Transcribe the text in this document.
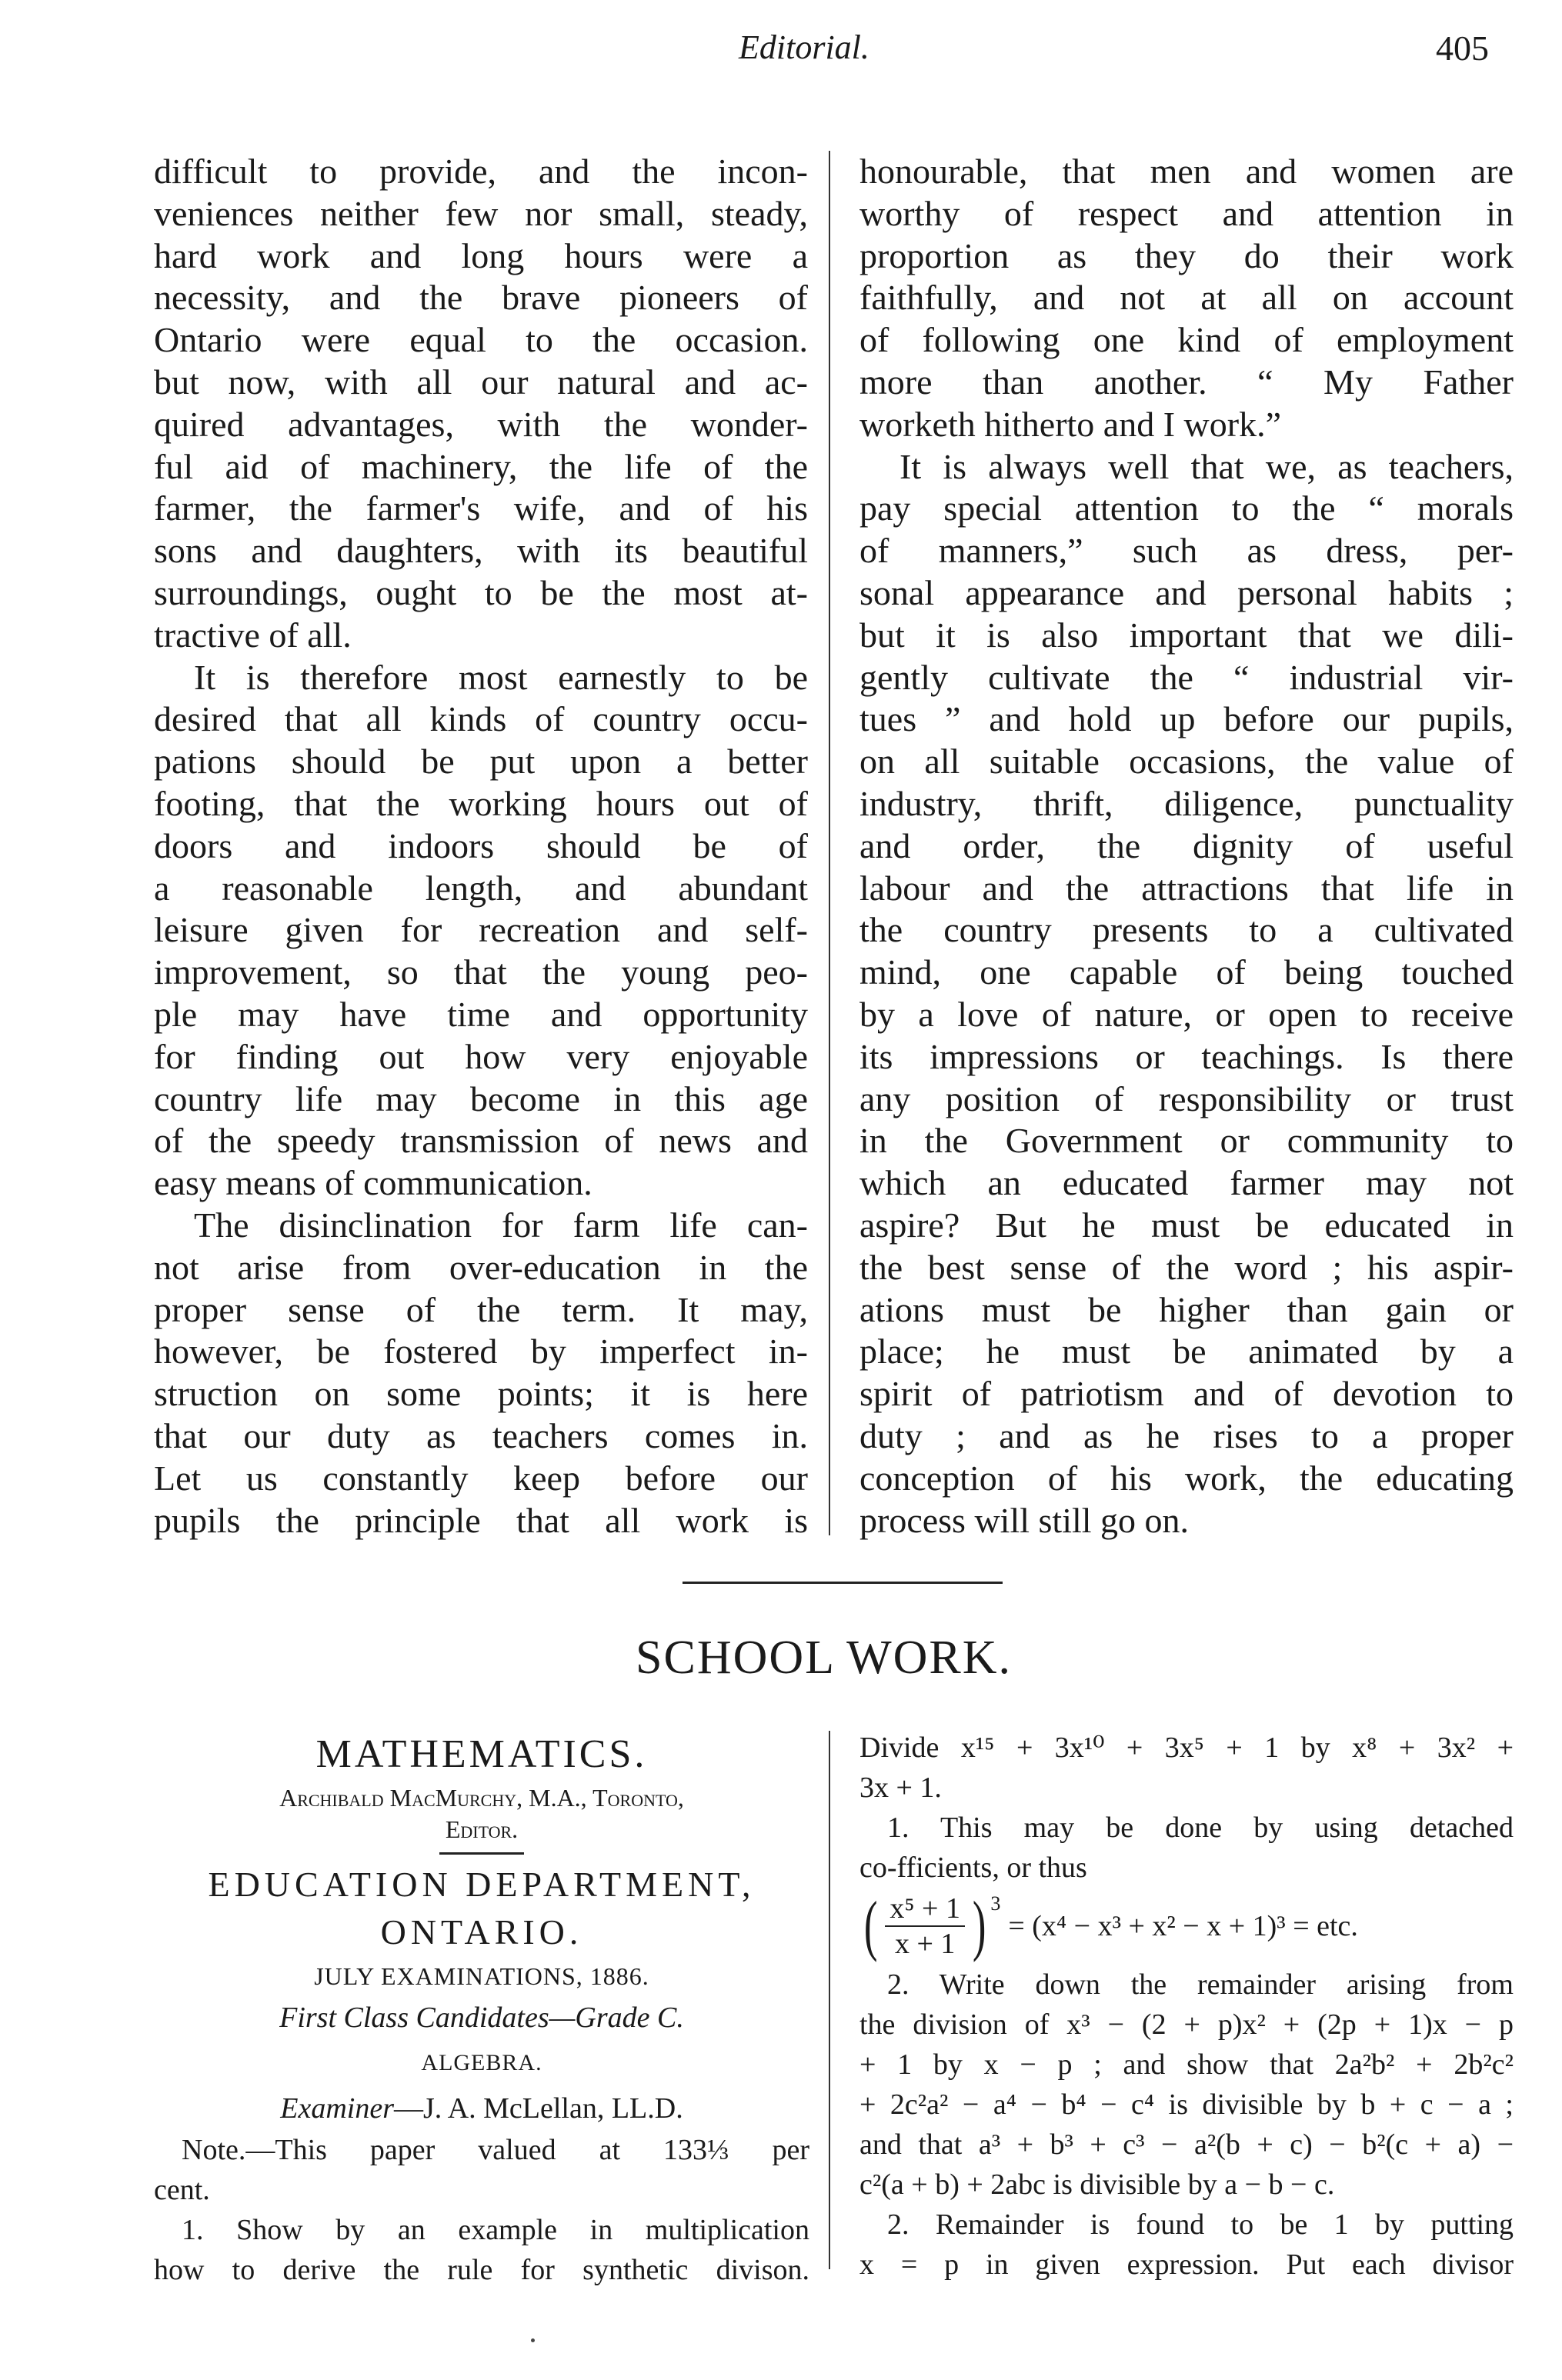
Editorial.	405
difficult to provide, and the incon-
veniences neither few nor small, steady,
hard work and long hours were a
necessity, and the brave pioneers of
Ontario were equal to the occasion.
but now, with all our natural and ac-
quired advantages, with the wonder-
ful aid of machinery, the life of the
farmer, the farmer's wife, and of his
sons and daughters, with its beautiful
surroundings, ought to be the most at-
tractive of all.
It is therefore most earnestly to be
desired that all kinds of country occu-
pations should be put upon a better
footing, that the working hours out of
doors and indoors should be of
a reasonable length, and abundant
leisure given for recreation and self-
improvement, so that the young peo-
ple may have time and opportunity
for finding out how very enjoyable
country life may become in this age
of the speedy transmission of news and
easy means of communication.
The disinclination for farm life can-
not arise from over-education in the
proper sense of the term. It may,
however, be fostered by imperfect in-
struction on some points; it is here
that our duty as teachers comes in.
Let us constantly keep before our
pupils the principle that all work is
honourable, that men and women are
worthy of respect and attention in
proportion as they do their work
faithfully, and not at all on account
of following one kind of employment
more than another. “ My Father
worketh hitherto and I work.”
It is always well that we, as teachers,
pay special attention to the “ morals
of manners,” such as dress, per-
sonal appearance and personal habits ;
but it is also important that we dili-
gently cultivate the “ industrial vir-
tues ” and hold up before our pupils,
on all suitable occasions, the value of
industry, thrift, diligence, punctuality
and order, the dignity of useful
labour and the attractions that life in
the country presents to a cultivated
mind, one capable of being touched
by a love of nature, or open to receive
its impressions or teachings. Is there
any position of responsibility or trust
in the Government or community to
which an educated farmer may not
aspire? But he must be educated in
the best sense of the word ; his aspir-
ations must be higher than gain or
place; he must be animated by a
spirit of patriotism and of devotion to
duty ; and as he rises to a proper
conception of his work, the educating
process will still go on.
SCHOOL WORK.
MATHEMATICS.
Archibald MacMurchy, M.A., Toronto,
Editor.
EDUCATION DEPARTMENT,
ONTARIO.
JULY EXAMINATIONS, 1886.
First Class Candidates—Grade C.
ALGEBRA.
Examiner—J. A. McLellan, LL.D.
Note.—This paper valued at 133⅓ per
cent.
1. Show by an example in multiplication
how to derive the rule for synthetic divison.
Divide x¹⁵ + 3x¹⁰ + 3x⁵ + 1 by x⁸ + 3x² +
3x + 1.
1. This may be done by using detached
co-fficients, or thus
( $\frac{\text{x⁵ + 1}}{x + 1} )^3$
= (x⁴ − x³ + x² − x + 1)³ = etc.
2. Write down the remainder arising from
the division of x³ − (2 + p)x² + (2p + 1)x − p
+ 1 by x − p ; and show that 2a²b² + 2b²c²
+ 2c²a² − a⁴ − b⁴ − c⁴ is divisible by b + c − a ;
and that a³ + b³ + c³ − a²(b + c) − b²(c + a) −
c²(a + b) + 2abc is divisible by a − b − c.
2. Remainder is found to be 1 by putting
x = p in given expression. Put each divisor
